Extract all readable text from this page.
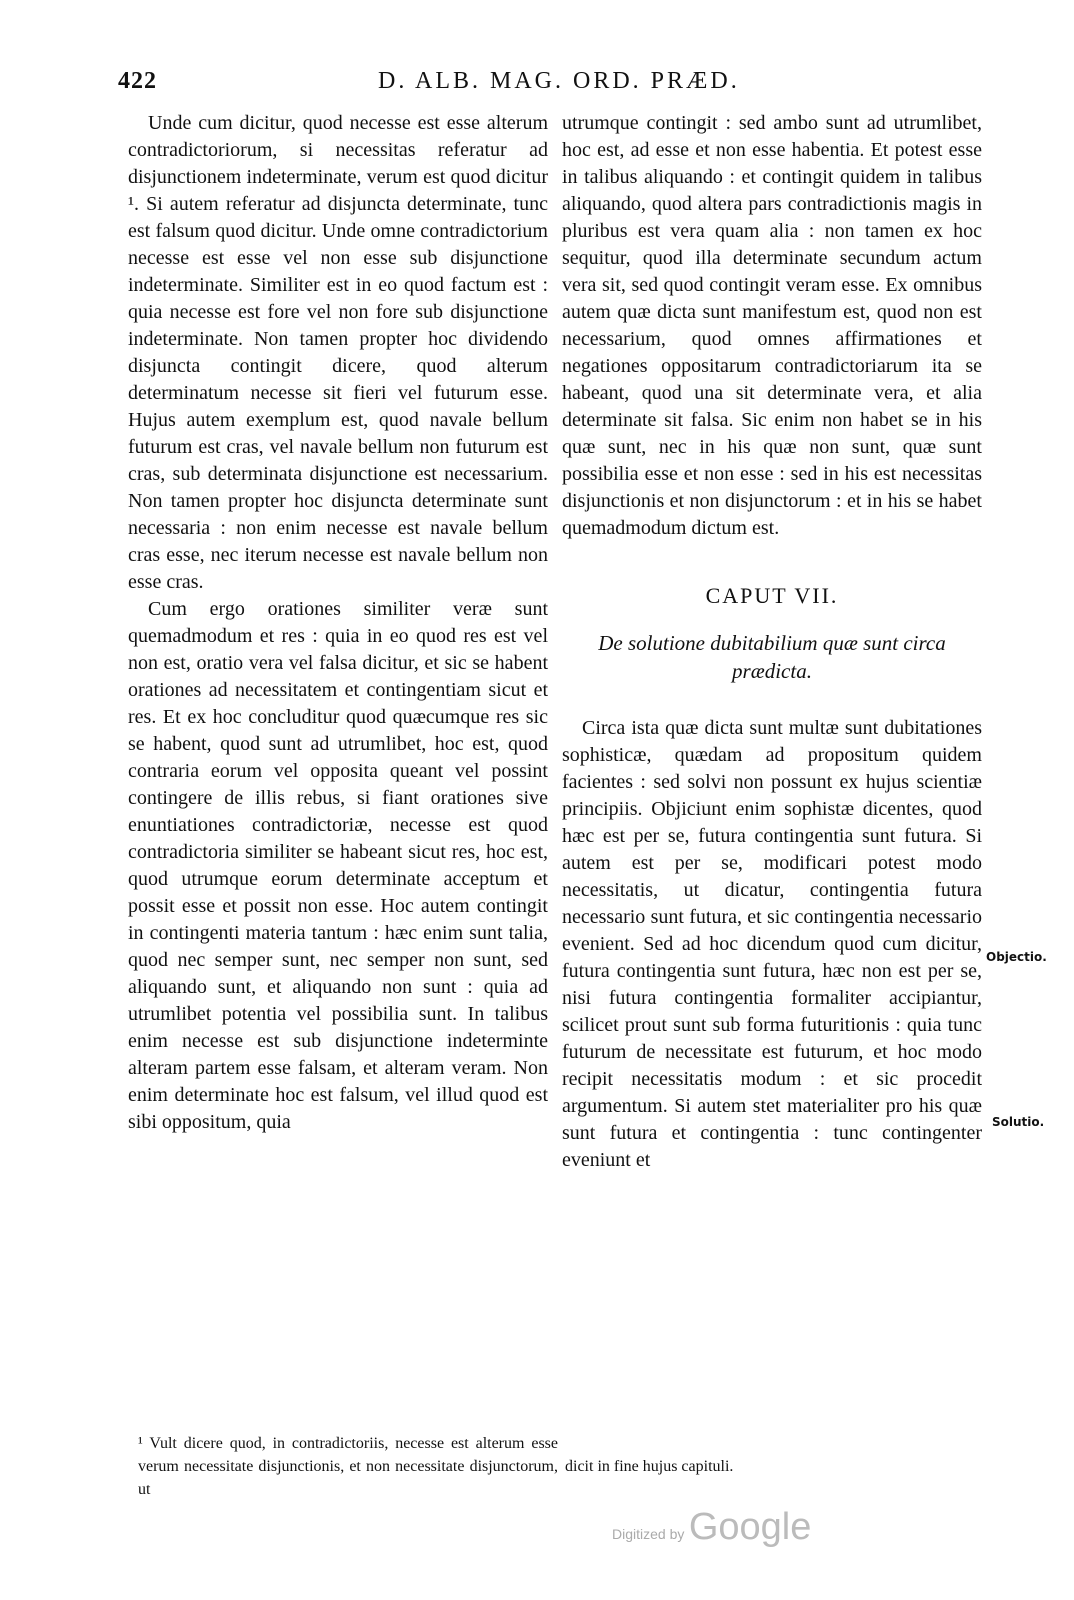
422	D. ALB. MAG. ORD. PRÆD.

Unde cum dicitur, quod necesse est esse alterum contradictoriorum, si necessitas referatur ad disjunctionem indeterminate, verum est quod dicitur ¹. Si autem referatur ad disjuncta determinate, tunc est falsum quod dicitur. Unde omne contradictorium necesse est esse vel non esse sub disjunctione indeterminate. Similiter est in eo quod factum est : quia necesse est fore vel non fore sub disjunctione indeterminate. Non tamen propter hoc dividendo disjuncta contingit dicere, quod alterum determinatum necesse sit fieri vel futurum esse. Hujus autem exemplum est, quod navale bellum futurum est cras, vel navale bellum non futurum est cras, sub determinata disjunctione est necessarium. Non tamen propter hoc disjuncta determinate sunt necessaria : non enim necesse est navale bellum cras esse, nec iterum necesse est navale bellum non esse cras.

Cum ergo orationes similiter veræ sunt quemadmodum et res : quia in eo quod res est vel non est, oratio vera vel falsa dicitur, et sic se habent orationes ad necessitatem et contingentiam sicut et res. Et ex hoc concluditur quod quæcumque res sic se habent, quod sunt ad utrumlibet, hoc est, quod contraria eorum vel opposita queant vel possint contingere de illis rebus, si fiant orationes sive enuntiationes contradictoriæ, necesse est quod contradictoria similiter se habeant sicut res, hoc est, quod utrumque eorum determinate acceptum et possit esse et possit non esse. Hoc autem contingit in contingenti materia tantum : hæc enim sunt talia, quod nec semper sunt, nec semper non sunt, sed aliquando sunt, et aliquando non sunt : quia ad utrumlibet potentia vel possibilia sunt. In talibus enim necesse est sub disjunctione indeterminte alteram partem esse falsam, et alteram veram. Non enim determinate hoc est falsum, vel illud quod est sibi oppositum, quia

utrumque contingit : sed ambo sunt ad utrumlibet, hoc est, ad esse et non esse habentia. Et potest esse in talibus aliquando : et contingit quidem in talibus aliquando, quod altera pars contradictionis magis in pluribus est vera quam alia : non tamen ex hoc sequitur, quod illa determinate secundum actum vera sit, sed quod contingit veram esse. Ex omnibus autem quæ dicta sunt manifestum est, quod non est necessarium, quod omnes affirmationes et negationes oppositarum contradictoriarum ita se habeant, quod una sit determinate vera, et alia determinate sit falsa. Sic enim non habet se in his quæ sunt, nec in his quæ non sunt, quæ sunt possibilia esse et non esse : sed in his est necessitas disjunctionis et non disjunctorum : et in his se habet quemadmodum dictum est.

CAPUT VII.
De solutione dubitabilium quæ sunt circa prædicta.

Circa ista quæ dicta sunt multæ sunt dubitationes sophisticæ, quædam ad propositum quidem facientes : sed solvi non possunt ex hujus scientiæ principiis. Objiciunt enim sophistæ dicentes, quod hæc est per se, futura contingentia sunt futura. Si autem est per se, modificari potest modo necessitatis, ut dicatur, contingentia futura necessario sunt futura, et sic contingentia necessario evenient. Sed ad hoc dicendum quod cum dicitur, futura contingentia sunt futura, hæc non est per se, nisi futura contingentia formaliter accipiantur, scilicet prout sunt sub forma futuritionis : quia tunc futurum de necessitate est futurum, et hoc modo recipit necessitatis modum : et sic procedit argumentum. Si autem stet materialiter pro his quæ sunt futura et contingentia : tunc contingenter eveniunt et

Objectio.
Solutio.
¹ Vult dicere quod, in contradictoriis, necesse est alterum esse verum necessitate disjunctionis, et non necessitate disjunctorum, ut
dicit in fine hujus capituli.
Digitized by Google
